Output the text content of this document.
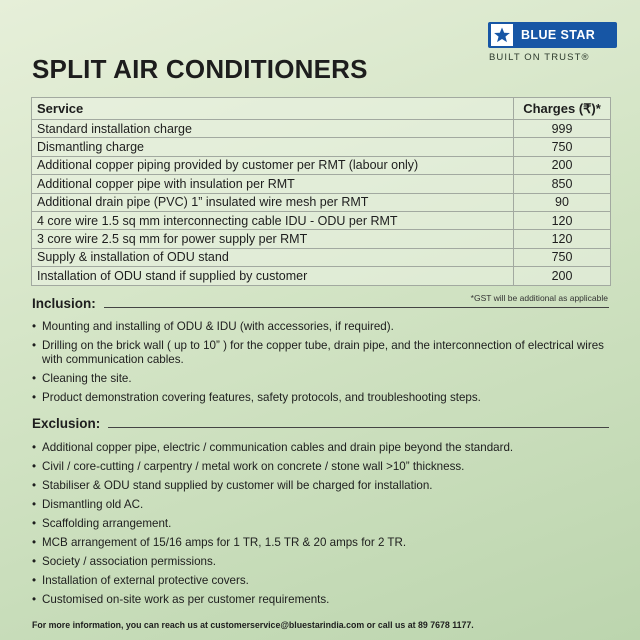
BLUE STAR
BUILT ON TRUST®
SPLIT AIR CONDITIONERS
Service	Charges (₹)*
Standard installation charge	999
Dismantling charge	750
Additional copper piping provided by customer per RMT (labour only)	200
Additional copper pipe with insulation per RMT	850
Additional drain pipe (PVC) 1” insulated wire mesh per RMT	90
4 core wire 1.5 sq mm interconnecting cable IDU - ODU per RMT	120
3 core wire 2.5 sq mm for power supply per RMT	120
Supply & installation of ODU stand	750
Installation of ODU stand if supplied by customer	200
*GST will be additional as applicable
Inclusion:
• Mounting and installing of ODU & IDU (with accessories, if required).
• Drilling on the brick wall ( up to 10” ) for the copper tube, drain pipe, and the interconnection of electrical wires with communication cables.
• Cleaning the site.
• Product demonstration covering features, safety protocols, and troubleshooting steps.
Exclusion:
• Additional copper pipe, electric / communication cables and drain pipe beyond the standard.
• Civil / core-cutting / carpentry / metal work on concrete / stone wall >10” thickness.
• Stabiliser & ODU stand supplied by customer will be charged for installation.
• Dismantling old AC.
• Scaffolding arrangement.
• MCB arrangement of 15/16 amps for 1 TR, 1.5 TR & 20 amps for 2 TR.
• Society / association permissions.
• Installation of external protective covers.
• Customised on-site work as per customer requirements.
For more information, you can reach us at customerservice@bluestarindia.com or call us at 89 7678 1177.
